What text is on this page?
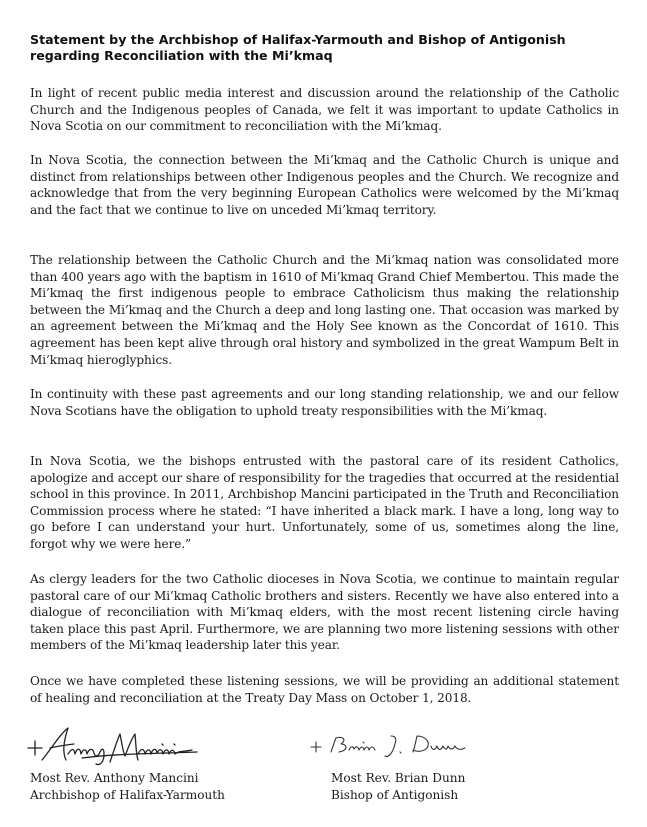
Statement by the Archbishop of Halifax-Yarmouth and Bishop of Antigonish
regarding Reconciliation with the Mi’kmaq

In light of recent public media interest and discussion around the relationship of the Catholic Church and the Indigenous peoples of Canada, we felt it was important to update Catholics in Nova Scotia on our commitment to reconciliation with the Mi’kmaq.

In Nova Scotia, the connection between the Mi’kmaq and the Catholic Church is unique and distinct from relationships between other Indigenous peoples and the Church. We recognize and acknowledge that from the very beginning European Catholics were welcomed by the Mi’kmaq and the fact that we continue to live on unceded Mi’kmaq territory.

The relationship between the Catholic Church and the Mi’kmaq nation was consolidated more than 400 years ago with the baptism in 1610 of Mi’kmaq Grand Chief Membertou. This made the Mi’kmaq the first indigenous people to embrace Catholicism thus making the relationship between the Mi’kmaq and the Church a deep and long lasting one. That occasion was marked by an agreement between the Mi’kmaq and the Holy See known as the Concordat of 1610. This agreement has been kept alive through oral history and symbolized in the great Wampum Belt in Mi’kmaq hieroglyphics.

In continuity with these past agreements and our long standing relationship, we and our fellow Nova Scotians have the obligation to uphold treaty responsibilities with the Mi’kmaq.

In Nova Scotia, we the bishops entrusted with the pastoral care of its resident Catholics, apologize and accept our share of responsibility for the tragedies that occurred at the residential school in this province. In 2011, Archbishop Mancini participated in the Truth and Reconciliation Commission process where he stated: “I have inherited a black mark. I have a long, long way to go before I can understand your hurt. Unfortunately, some of us, sometimes along the line, forgot why we were here.”

As clergy leaders for the two Catholic dioceses in Nova Scotia, we continue to maintain regular pastoral care of our Mi’kmaq Catholic brothers and sisters. Recently we have also entered into a dialogue of reconciliation with Mi’kmaq elders, with the most recent listening circle having taken place this past April. Furthermore, we are planning two more listening sessions with other members of the Mi’kmaq leadership later this year.

Once we have completed these listening sessions, we will be providing an additional statement of healing and reconciliation at the Treaty Day Mass on October 1, 2018.

Most Rev. Anthony Mancini
Archbishop of Halifax-Yarmouth
Most Rev. Brian Dunn
Bishop of Antigonish
